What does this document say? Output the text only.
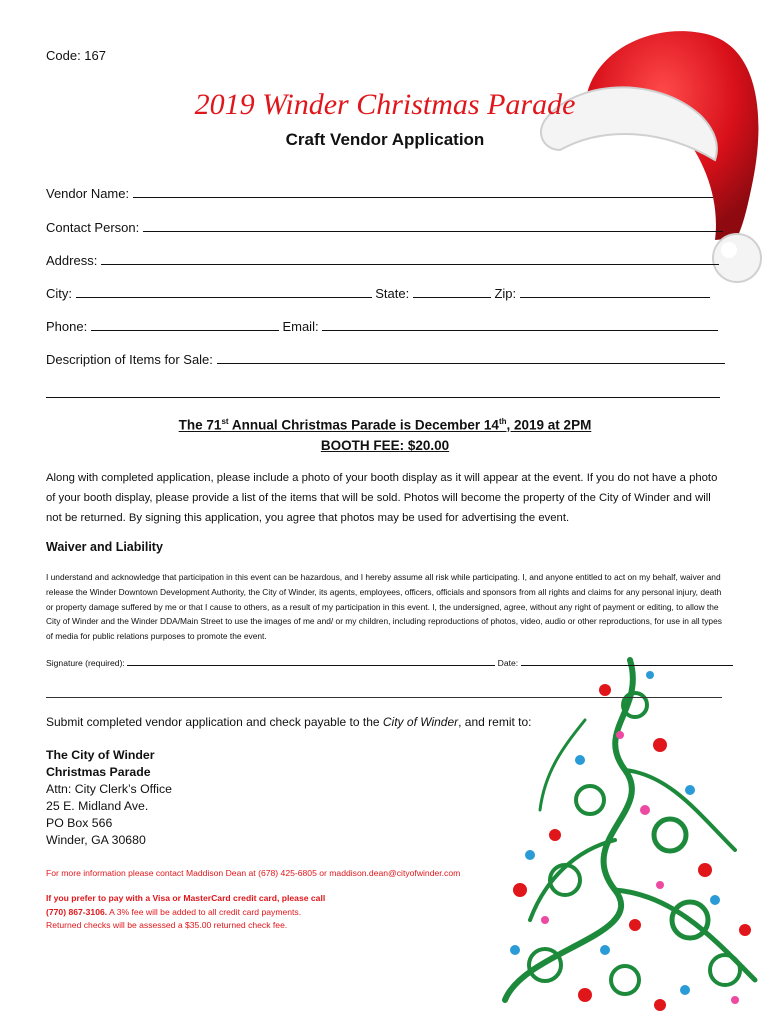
Code: 167
2019 Winder Christmas Parade
Craft Vendor Application
Vendor Name:
Contact Person:
Address:
City:	State:	Zip:
Phone:	Email:
Description of Items for Sale:
The 71st Annual Christmas Parade is December 14th, 2019 at 2PM
BOOTH FEE: $20.00
Along with completed application, please include a photo of your booth display as it will appear at the event. If you do not have a photo of your booth display, please provide a list of the items that will be sold. Photos will become the property of the City of Winder and will not be returned. By signing this application, you agree that photos may be used for advertising the event.
Waiver and Liability
I understand and acknowledge that participation in this event can be hazardous, and I hereby assume all risk while participating. I, and anyone entitled to act on my behalf, waiver and release the Winder Downtown Development Authority, the City of Winder, its agents, employees, officers, officials and sponsors from all rights and claims for any personal injury, death or property damage suffered by me or that I cause to others, as a result of my participation in this event. I, the undersigned, agree, without any right of payment or editing, to allow the City of Winder and the Winder DDA/Main Street to use the images of me and/ or my children, including reproductions of photos, video, audio or other reproductions, for use in all types of media for public relations purposes to promote the event.
Signature (required):	Date:
Submit completed vendor application and check payable to the City of Winder, and remit to:
The City of Winder
Christmas Parade
Attn: City Clerk’s Office
25 E. Midland Ave.
PO Box 566
Winder, GA 30680
For more information please contact Maddison Dean at (678) 425-6805 or maddison.dean@cityofwinder.com
If you prefer to pay with a Visa or MasterCard credit card, please call
(770) 867-3106. A 3% fee will be added to all credit card payments.
Returned checks will be assessed a $35.00 returned check fee.
